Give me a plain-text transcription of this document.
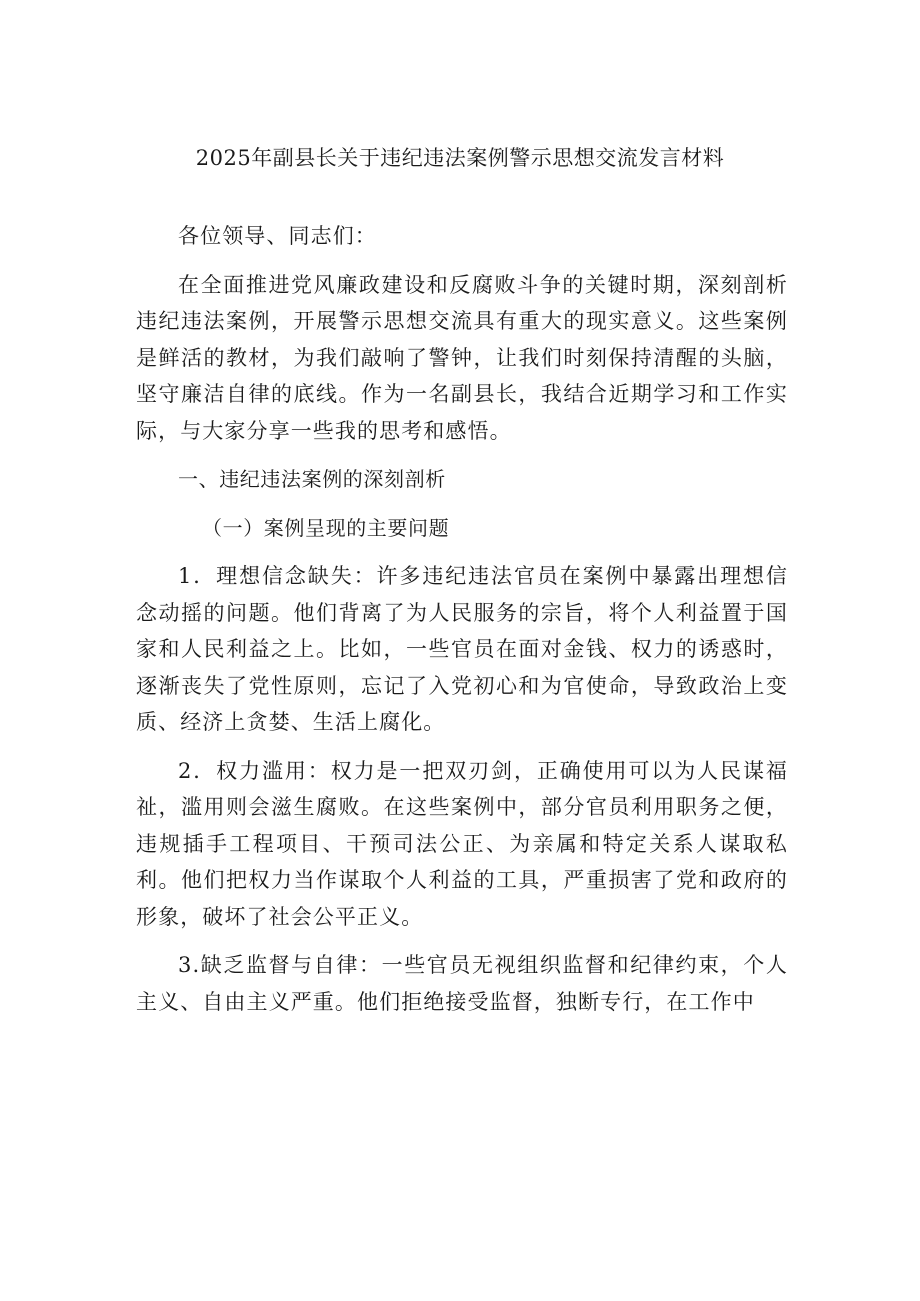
2025年副县长关于违纪违法案例警示思想交流发言材料

各位领导、同志们：

在全面推进党风廉政建设和反腐败斗争的关键时期，深刻剖析违纪违法案例，开展警示思想交流具有重大的现实意义。这些案例是鲜活的教材，为我们敲响了警钟，让我们时刻保持清醒的头脑，坚守廉洁自律的底线。作为一名副县长，我结合近期学习和工作实际，与大家分享一些我的思考和感悟。

一、违纪违法案例的深刻剖析

（一）案例呈现的主要问题

1．理想信念缺失：许多违纪违法官员在案例中暴露出理想信念动摇的问题。他们背离了为人民服务的宗旨，将个人利益置于国家和人民利益之上。比如，一些官员在面对金钱、权力的诱惑时，逐渐丧失了党性原则，忘记了入党初心和为官使命，导致政治上变质、经济上贪婪、生活上腐化。

2．权力滥用：权力是一把双刃剑，正确使用可以为人民谋福祉，滥用则会滋生腐败。在这些案例中，部分官员利用职务之便，违规插手工程项目、干预司法公正、为亲属和特定关系人谋取私利。他们把权力当作谋取个人利益的工具，严重损害了党和政府的形象，破坏了社会公平正义。

3.缺乏监督与自律：一些官员无视组织监督和纪律约束，个人主义、自由主义严重。他们拒绝接受监督，独断专行，在工作中
